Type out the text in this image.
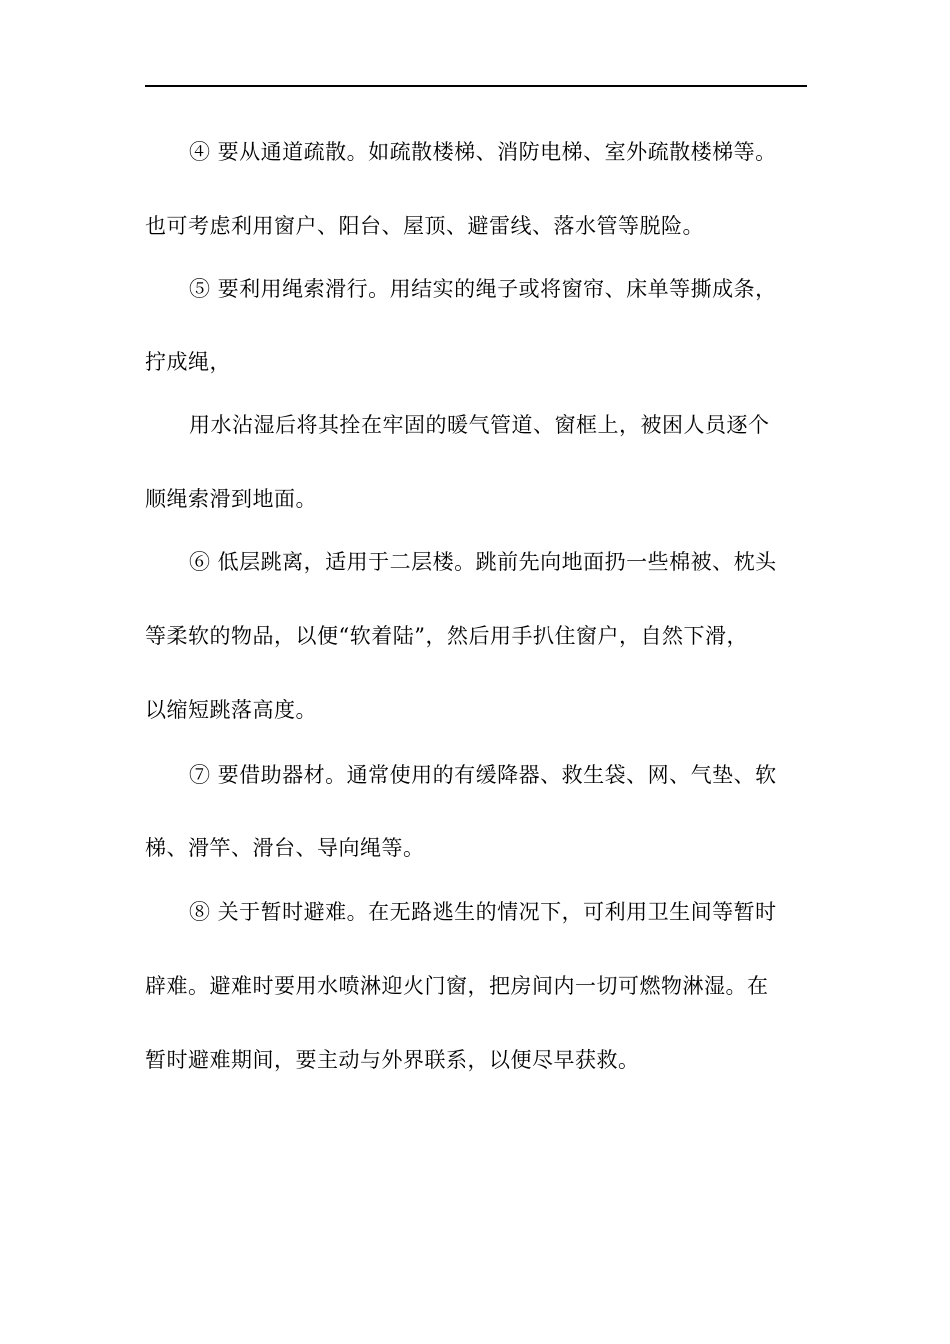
④ 要从通道疏散。如疏散楼梯、消防电梯、室外疏散楼梯等。
也可考虑利用窗户、阳台、屋顶、避雷线、落水管等脱险。
⑤ 要利用绳索滑行。用结实的绳子或将窗帘、床单等撕成条，
拧成绳，
用水沾湿后将其拴在牢固的暖气管道、窗框上，被困人员逐个
顺绳索滑到地面。
⑥ 低层跳离，适用于二层楼。跳前先向地面扔一些棉被、枕头
等柔软的物品，以便“软着陆”，然后用手扒住窗户，自然下滑，
以缩短跳落高度。
⑦ 要借助器材。通常使用的有缓降器、救生袋、网、气垫、软
梯、滑竿、滑台、导向绳等。
⑧ 关于暂时避难。在无路逃生的情况下，可利用卫生间等暂时
辟难。避难时要用水喷淋迎火门窗，把房间内一切可燃物淋湿。在
暂时避难期间，要主动与外界联系，以便尽早获救。
